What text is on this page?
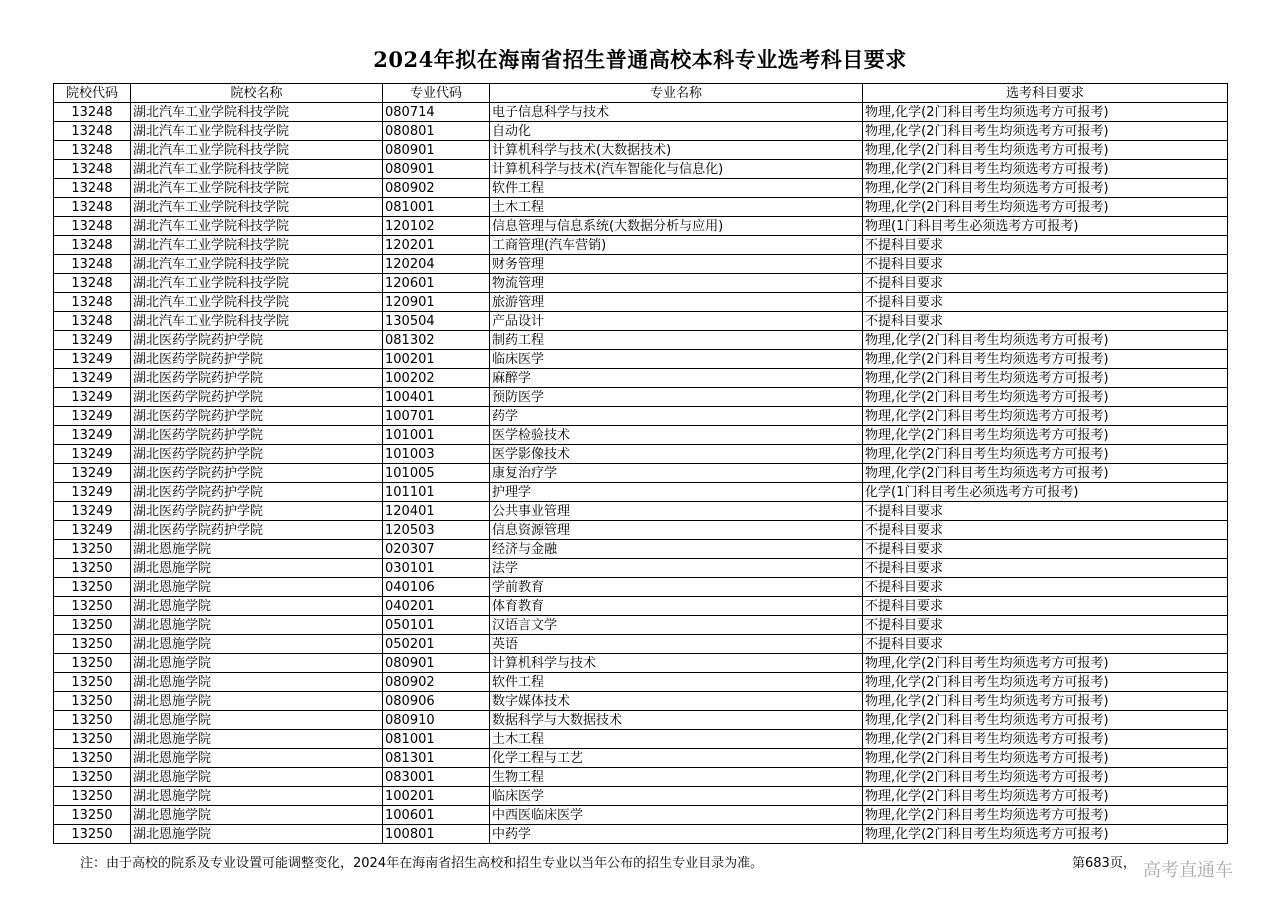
2024年拟在海南省招生普通高校本科专业选考科目要求
院校代码	院校名称	专业代码	专业名称	选考科目要求
13248	湖北汽车工业学院科技学院	080714	电子信息科学与技术	物理,化学(2门科目考生均须选考方可报考)
13248	湖北汽车工业学院科技学院	080801	自动化	物理,化学(2门科目考生均须选考方可报考)
13248	湖北汽车工业学院科技学院	080901	计算机科学与技术(大数据技术)	物理,化学(2门科目考生均须选考方可报考)
13248	湖北汽车工业学院科技学院	080901	计算机科学与技术(汽车智能化与信息化)	物理,化学(2门科目考生均须选考方可报考)
13248	湖北汽车工业学院科技学院	080902	软件工程	物理,化学(2门科目考生均须选考方可报考)
13248	湖北汽车工业学院科技学院	081001	土木工程	物理,化学(2门科目考生均须选考方可报考)
13248	湖北汽车工业学院科技学院	120102	信息管理与信息系统(大数据分析与应用)	物理(1门科目考生必须选考方可报考)
13248	湖北汽车工业学院科技学院	120201	工商管理(汽车营销)	不提科目要求
13248	湖北汽车工业学院科技学院	120204	财务管理	不提科目要求
13248	湖北汽车工业学院科技学院	120601	物流管理	不提科目要求
13248	湖北汽车工业学院科技学院	120901	旅游管理	不提科目要求
13248	湖北汽车工业学院科技学院	130504	产品设计	不提科目要求
13249	湖北医药学院药护学院	081302	制药工程	物理,化学(2门科目考生均须选考方可报考)
13249	湖北医药学院药护学院	100201	临床医学	物理,化学(2门科目考生均须选考方可报考)
13249	湖北医药学院药护学院	100202	麻醉学	物理,化学(2门科目考生均须选考方可报考)
13249	湖北医药学院药护学院	100401	预防医学	物理,化学(2门科目考生均须选考方可报考)
13249	湖北医药学院药护学院	100701	药学	物理,化学(2门科目考生均须选考方可报考)
13249	湖北医药学院药护学院	101001	医学检验技术	物理,化学(2门科目考生均须选考方可报考)
13249	湖北医药学院药护学院	101003	医学影像技术	物理,化学(2门科目考生均须选考方可报考)
13249	湖北医药学院药护学院	101005	康复治疗学	物理,化学(2门科目考生均须选考方可报考)
13249	湖北医药学院药护学院	101101	护理学	化学(1门科目考生必须选考方可报考)
13249	湖北医药学院药护学院	120401	公共事业管理	不提科目要求
13249	湖北医药学院药护学院	120503	信息资源管理	不提科目要求
13250	湖北恩施学院	020307	经济与金融	不提科目要求
13250	湖北恩施学院	030101	法学	不提科目要求
13250	湖北恩施学院	040106	学前教育	不提科目要求
13250	湖北恩施学院	040201	体育教育	不提科目要求
13250	湖北恩施学院	050101	汉语言文学	不提科目要求
13250	湖北恩施学院	050201	英语	不提科目要求
13250	湖北恩施学院	080901	计算机科学与技术	物理,化学(2门科目考生均须选考方可报考)
13250	湖北恩施学院	080902	软件工程	物理,化学(2门科目考生均须选考方可报考)
13250	湖北恩施学院	080906	数字媒体技术	物理,化学(2门科目考生均须选考方可报考)
13250	湖北恩施学院	080910	数据科学与大数据技术	物理,化学(2门科目考生均须选考方可报考)
13250	湖北恩施学院	081001	土木工程	物理,化学(2门科目考生均须选考方可报考)
13250	湖北恩施学院	081301	化学工程与工艺	物理,化学(2门科目考生均须选考方可报考)
13250	湖北恩施学院	083001	生物工程	物理,化学(2门科目考生均须选考方可报考)
13250	湖北恩施学院	100201	临床医学	物理,化学(2门科目考生均须选考方可报考)
13250	湖北恩施学院	100601	中西医临床医学	物理,化学(2门科目考生均须选考方可报考)
13250	湖北恩施学院	100801	中药学	物理,化学(2门科目考生均须选考方可报考)
注：由于高校的院系及专业设置可能调整变化，2024年在海南省招生高校和招生专业以当年公布的招生专业目录为准。	第683页， 高考直通车
